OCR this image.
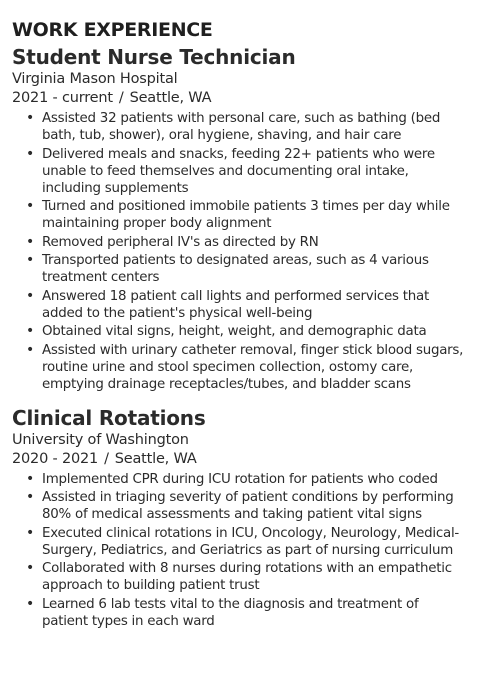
WORK EXPERIENCE
Student Nurse Technician

Virginia Mason Hospital

2021 - current / Seattle, WA

• Assisted 32 patients with personal care, such as bathing (bed bath, tub, shower), oral hygiene, shaving, and hair care
• Delivered meals and snacks, feeding 22+ patients who were unable to feed themselves and documenting oral intake, including supplements
• Turned and positioned immobile patients 3 times per day while maintaining proper body alignment
• Removed peripheral IV's as directed by RN
• Transported patients to designated areas, such as 4 various treatment centers
• Answered 18 patient call lights and performed services that added to the patient's physical well-being
• Obtained vital signs, height, weight, and demographic data
• Assisted with urinary catheter removal, finger stick blood sugars, routine urine and stool specimen collection, ostomy care, emptying drainage receptacles/tubes, and bladder scans
Clinical Rotations

University of Washington

2020 - 2021 / Seattle, WA

• Implemented CPR during ICU rotation for patients who coded
• Assisted in triaging severity of patient conditions by performing 80% of medical assessments and taking patient vital signs
• Executed clinical rotations in ICU, Oncology, Neurology, Medical-Surgery, Pediatrics, and Geriatrics as part of nursing curriculum
• Collaborated with 8 nurses during rotations with an empathetic approach to building patient trust
• Learned 6 lab tests vital to the diagnosis and treatment of patient types in each ward
